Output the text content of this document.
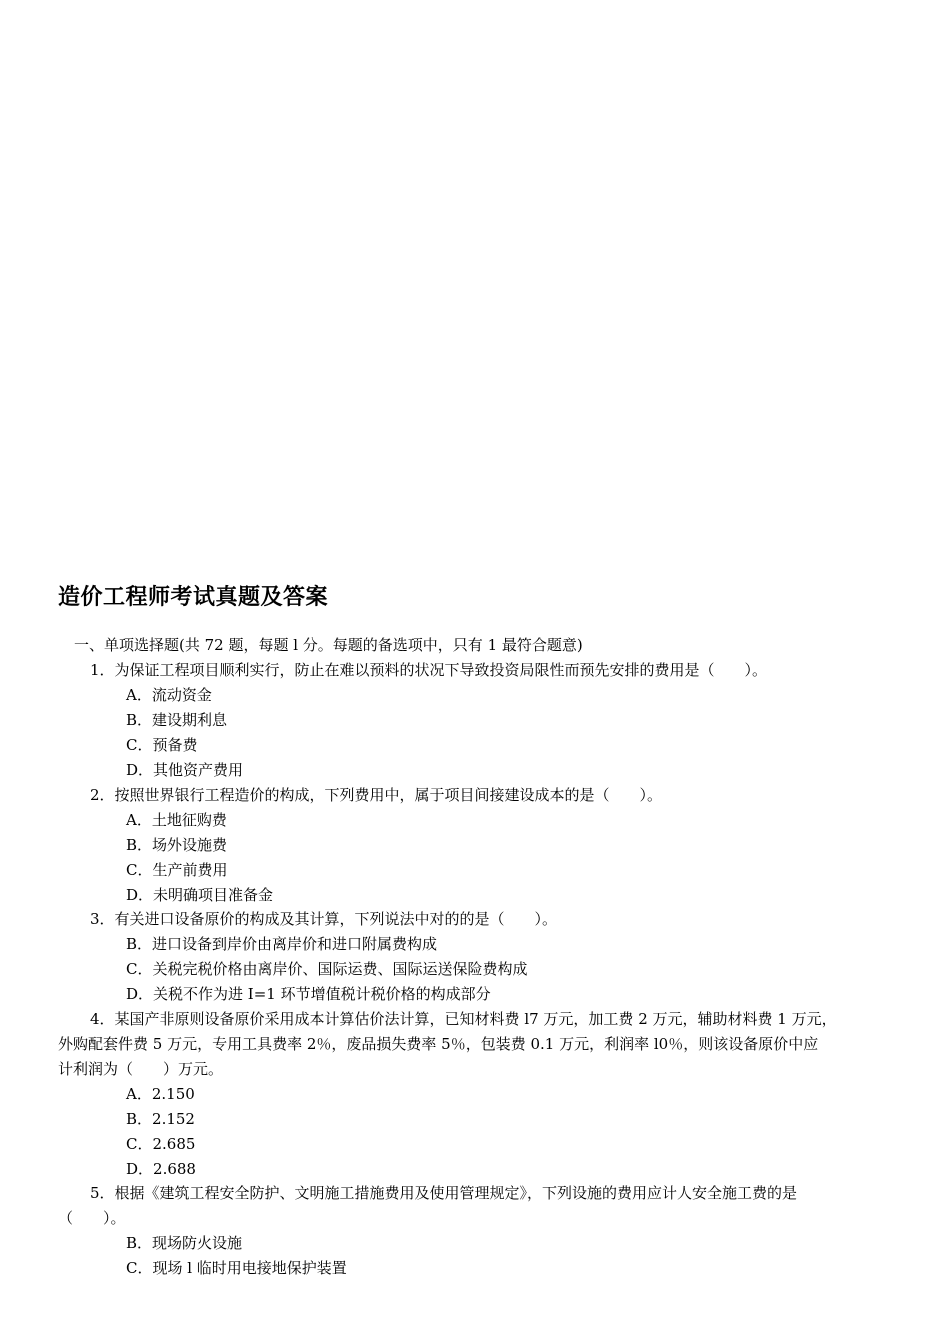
造价工程师考试真题及答案
一、单项选择题(共 72 题，每题 l 分。每题的备选项中，只有 1 最符合题意)
1．为保证工程项目顺利实行，防止在难以预料的状况下导致投资局限性而预先安排的费用是（　　）。
A．流动资金
B．建设期利息
C．预备费
D．其他资产费用
2．按照世界银行工程造价的构成，下列费用中，属于项目间接建设成本的是（　　）。
A．土地征购费
B．场外设施费
C．生产前费用
D．未明确项目准备金
3．有关进口设备原价的构成及其计算，下列说法中对的的是（　　）。
B．进口设备到岸价由离岸价和进口附属费构成
C．关税完税价格由离岸价、国际运费、国际运送保险费构成
D．关税不作为进 I=1 环节增值税计税价格的构成部分
4．某国产非原则设备原价采用成本计算估价法计算，已知材料费 l7 万元，加工费 2 万元，辅助材料费 1 万元，
外购配套件费 5 万元，专用工具费率 2％，废品损失费率 5％，包装费 0.1 万元，利润率 l0％，则该设备原价中应
计利润为（　　）万元。
A．2.150
B．2.152
C．2.685
D．2.688
5．根据《建筑工程安全防护、文明施工措施费用及使用管理规定》，下列设施的费用应计人安全施工费的是
（　　）。
B．现场防火设施
C．现场 l 临时用电接地保护装置
